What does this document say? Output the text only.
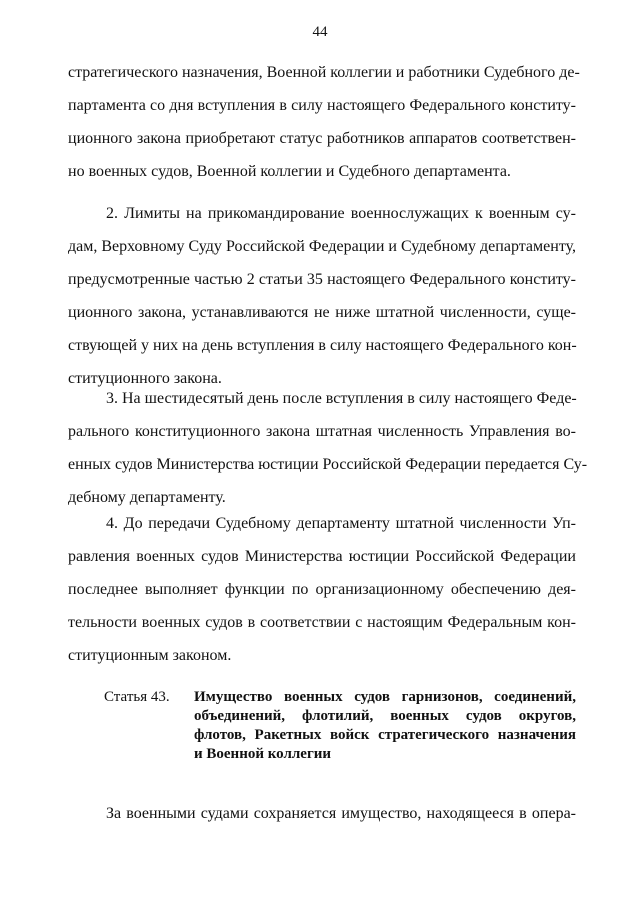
44
стратегического назначения, Военной коллегии и работники Судебного де-
партамента со дня вступления в силу настоящего Федерального конститу-
ционного закона приобретают статус работников аппаратов соответствен-
но военных судов, Военной коллегии и Судебного департамента.
2. Лимиты на прикомандирование военнослужащих к военным су-
дам, Верховному Суду Российской Федерации и Судебному департаменту,
предусмотренные частью 2 статьи 35 настоящего Федерального конститу-
ционного закона, устанавливаются не ниже штатной численности, суще-
ствующей у них на день вступления в силу настоящего Федерального кон-
ституционного закона.
3. На шестидесятый день после вступления в силу настоящего Феде-
рального конституционного закона штатная численность Управления во-
енных судов Министерства юстиции Российской Федерации передается Су-
дебному департаменту.
4. До передачи Судебному департаменту штатной численности Уп-
равления военных судов Министерства юстиции Российской Федерации
последнее выполняет функции по организационному обеспечению дея-
тельности военных судов в соответствии с настоящим Федеральным кон-
ституционным законом.
Статья 43. Имущество военных судов гарнизонов, соединений,
объединений, флотилий, военных судов округов,
флотов, Ракетных войск стратегического назначения
и Военной коллегии
За военными судами сохраняется имущество, находящееся в опера-
